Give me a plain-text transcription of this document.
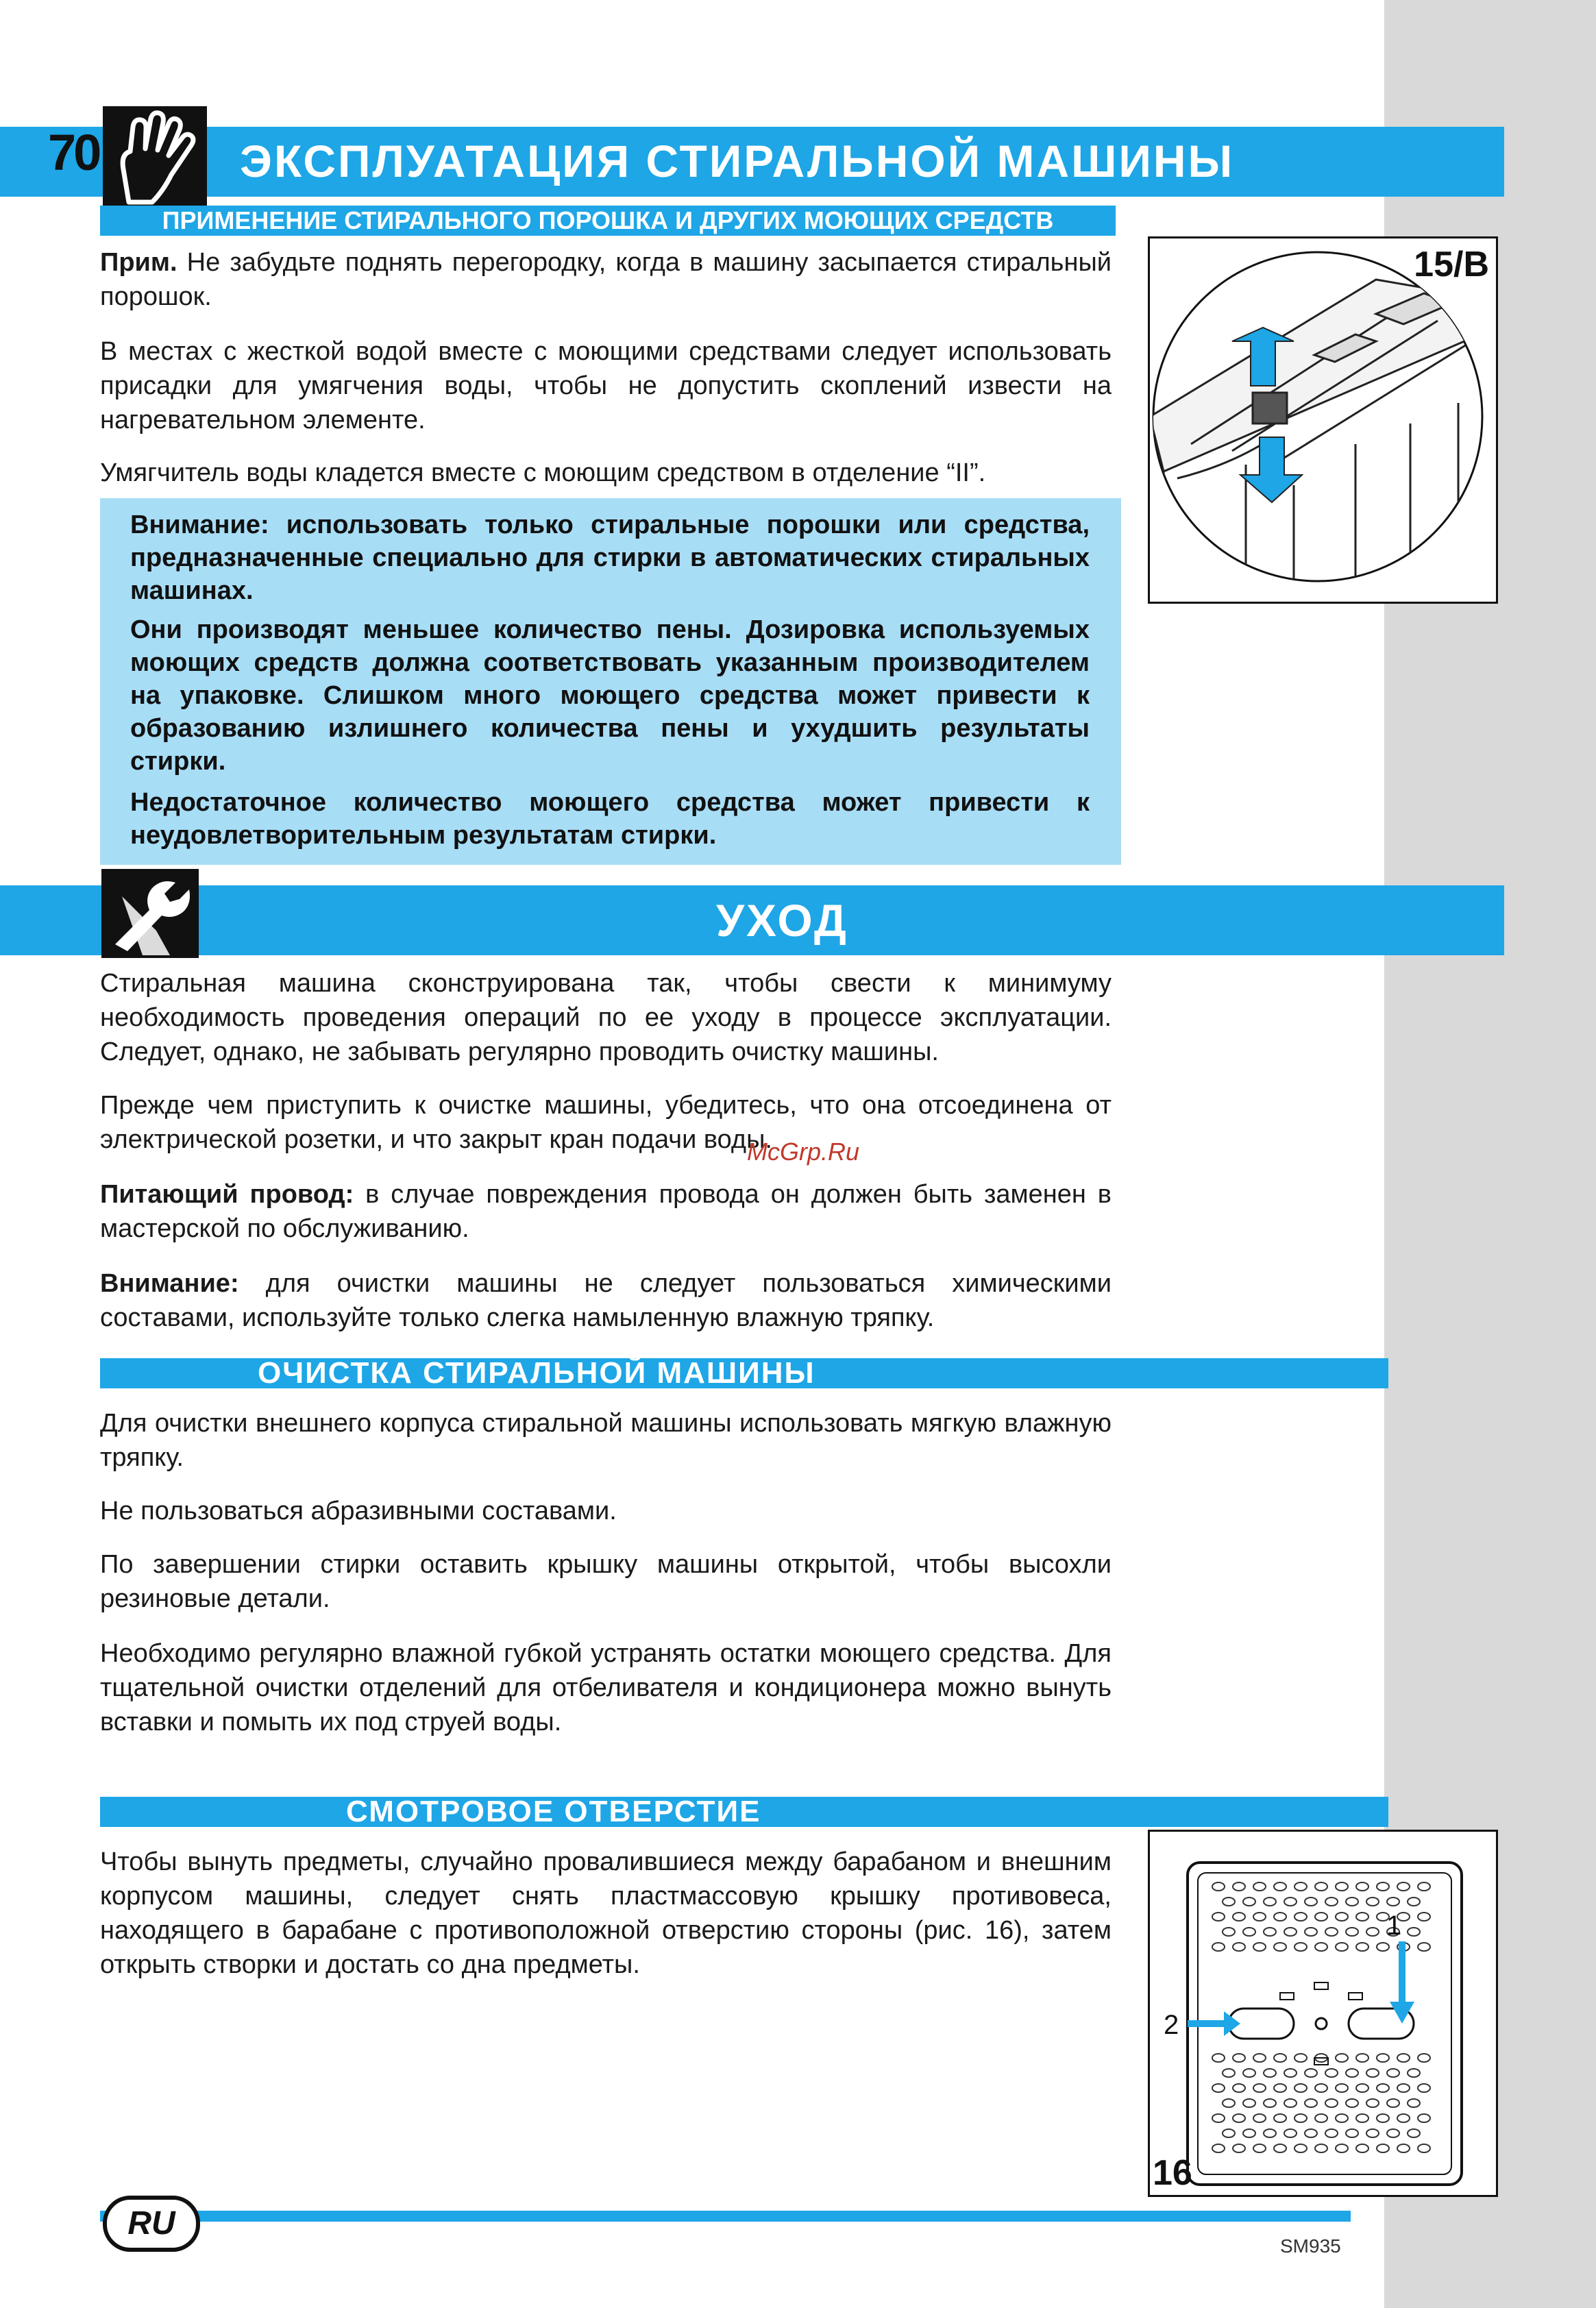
70	ЭКСПЛУАТАЦИЯ СТИРАЛЬНОЙ МАШИНЫ
ПРИМЕНЕНИЕ СТИРАЛЬНОГО ПОРОШКА И ДРУГИХ МОЮЩИХ СРЕДСТВ

Прим. Не забудьте поднять перегородку, когда в машину засыпается стиральный порошок.

В местах с жесткой водой вместе с моющими средствами следует использовать присадки для умягчения воды, чтобы не допустить скоплений извести на нагревательном элементе.

Умягчитель воды кладется вместе с моющим средством в отделение “II”.

Внимание: использовать только стиральные порошки или средства, предназначенные специально для стирки в автоматических стиральных машинах.

Они производят меньшее количество пены. Дозировка используемых моющих средств должна соответствовать указанным производителем на упаковке. Слишком много моющего средства может привести к образованию излишнего количества пены и ухудшить результаты стирки.

Недостаточное количество моющего средства может привести к неудовлетворительным результатам стирки.

15/B
УХОД

Стиральная машина сконструирована так, чтобы свести к минимуму необходимость проведения операций по ее уходу в процессе эксплуатации. Следует, однако, не забывать регулярно проводить очистку машины.

Прежде чем приступить к очистке машины, убедитесь, что она отсоединена от электрической розетки, и что закрыт кран подачи воды.

Питающий провод: в случае повреждения провода он должен быть заменен в мастерской по обслуживанию.

Внимание: для очистки машины не следует пользоваться химическими составами, используйте только слегка намыленную влажную тряпку.

McGrp.Ru
ОЧИСТКА СТИРАЛЬНОЙ МАШИНЫ

Для очистки внешнего корпуса стиральной машины использовать мягкую влажную тряпку.

Не пользоваться абразивными составами.

По завершении стирки оставить крышку машины открытой, чтобы высохли резиновые детали.

Необходимо регулярно влажной губкой устранять остатки моющего средства. Для тщательной очистки отделений для отбеливателя и кондиционера можно вынуть вставки и помыть их под струей воды.

СМОТРОВОЕ ОТВЕРСТИЕ

Чтобы вынуть предметы, случайно провалившиеся между барабаном и внешним корпусом машины, следует снять пластмассовую крышку противовеса, находящего в барабане с противоположной отверстию стороны (рис. 16), затем открыть створки и достать со дна предметы.

1
2
16
RU
SM935
